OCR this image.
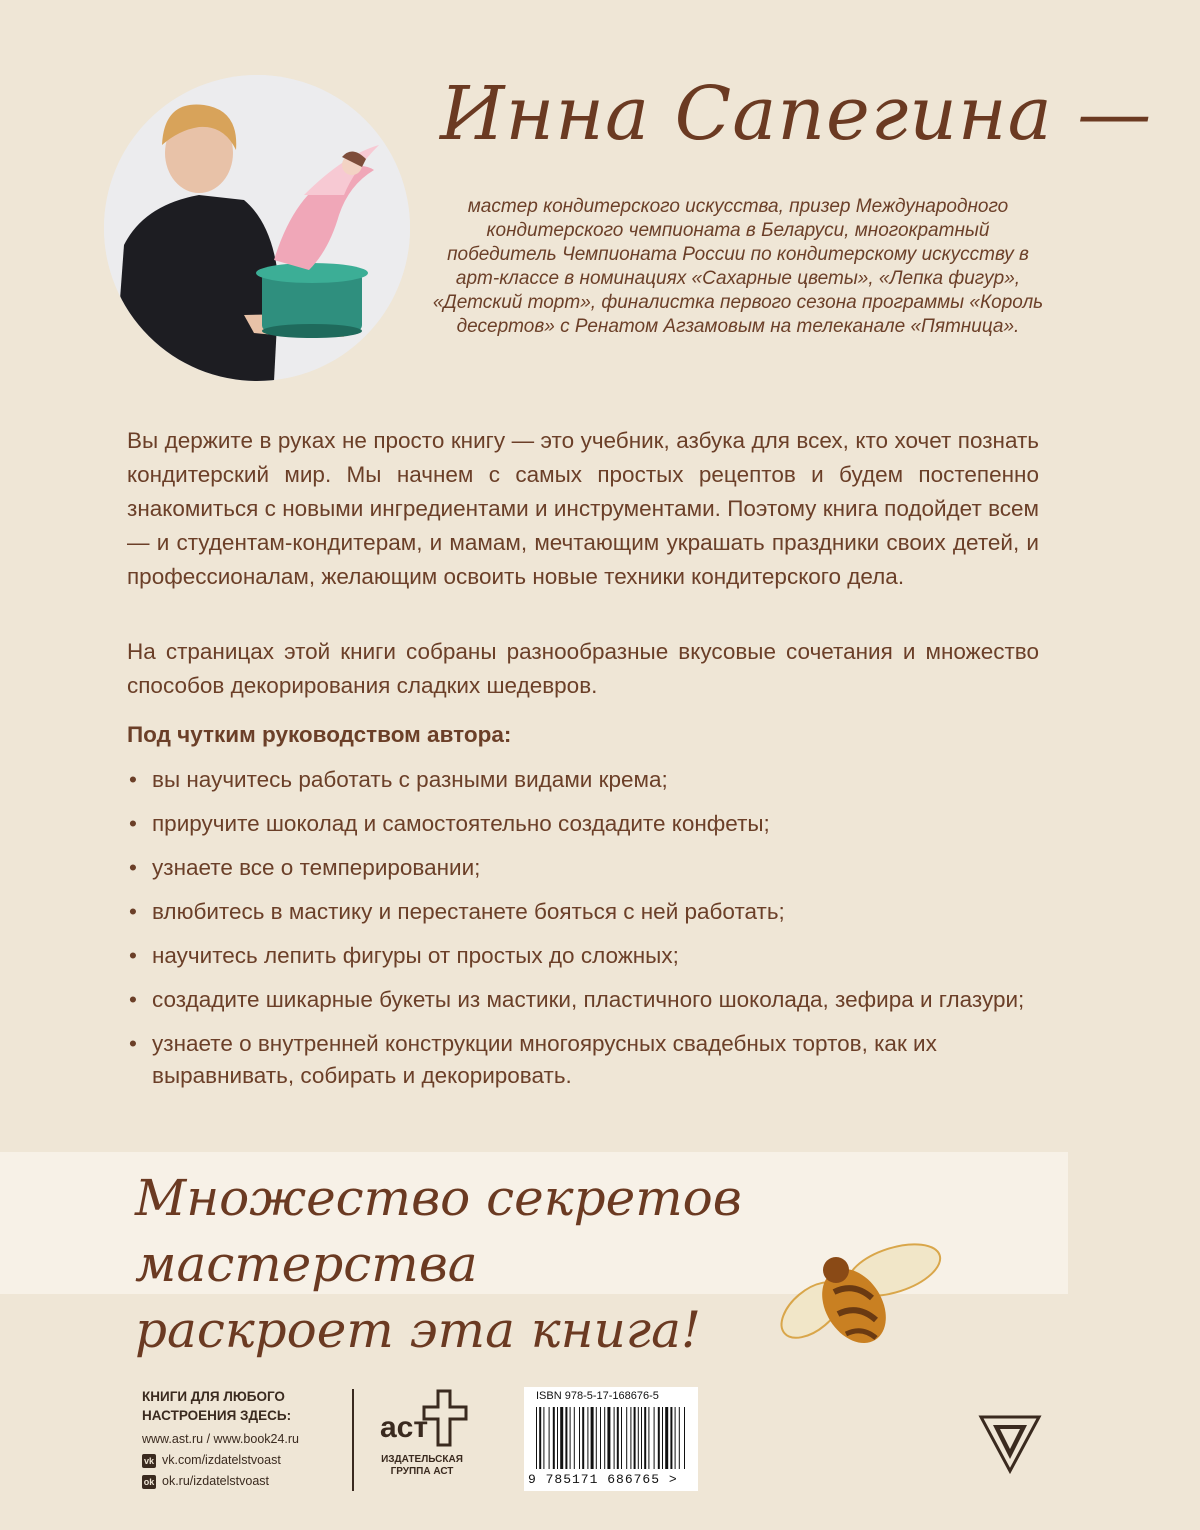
Инна Сапегина —
мастер кондитерского искусства, призер Международного кондитерского чемпионата в Беларуси, многократный победитель Чемпионата России по кондитерскому искусству в арт-классе в номинациях «Сахарные цветы», «Лепка фигур», «Детский торт», финалистка первого сезона программы «Король десертов» с Ренатом Агзамовым на телеканале «Пятница».
Вы держите в руках не просто книгу — это учебник, азбука для всех, кто хочет познать кондитерский мир. Мы начнем с самых простых рецептов и будем постепенно знакомиться с новыми ингредиентами и инструментами. Поэтому книга подойдет всем — и студентам-кондитерам, и мамам, мечтающим украшать праздники своих детей, и профессионалам, желающим освоить новые техники кондитерского дела.
На страницах этой книги собраны разнообразные вкусовые сочетания и множество способов декорирования сладких шедевров.
Под чутким руководством автора:
• вы научитесь работать с разными видами крема;
• приручите шоколад и самостоятельно создадите конфеты;
• узнаете все о темперировании;
• влюбитесь в мастику и перестанете бояться с ней работать;
• научитесь лепить фигуры от простых до сложных;
• создадите шикарные букеты из мастики, пластичного шоколада, зефира и глазури;
• узнаете о внутренней конструкции многоярусных свадебных тортов, как их выравнивать, собирать и декорировать.
Множество секретов мастерства
раскроет эта книга!
КНИГИ ДЛЯ ЛЮБОГО
НАСТРОЕНИЯ ЗДЕСЬ:
www.ast.ru / www.book24.ru
vk vk.com/izdatelstvoast
ok ok.ru/izdatelstvoast
аст
ИЗДАТЕЛЬСКАЯ
ГРУППА АСТ
ISBN 978-5-17-168676-5
9 785171 686765 >
